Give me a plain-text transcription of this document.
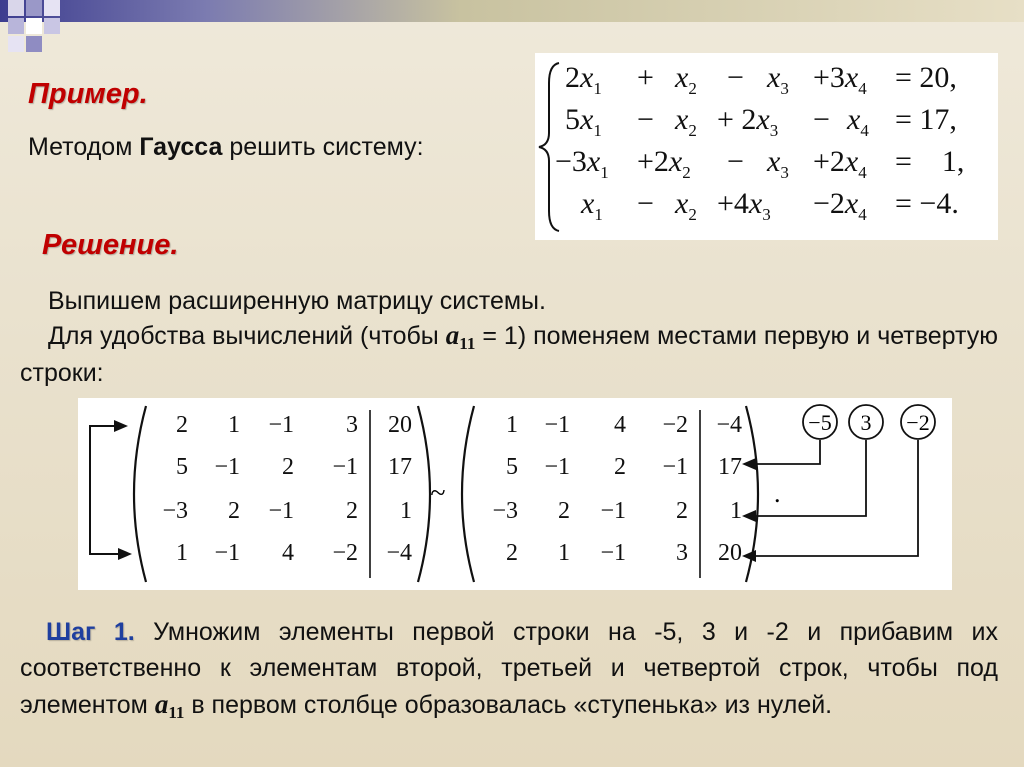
Пример.
Методом Гаусса решить систему:
$2x_1 + x_2 - x_3 +3x_4 = 20$,
$5x_1 - x_2 + 2x_3 - x_4 = 17$,
$-3x_1 +2x_2 - x_3 +2x_4$ =    1,
$x_1 - x_2 +4x_3 -2x_4 = -4$.
Решение.
Выпишем расширенную матрицу системы.
Для удобства вычислений (чтобы a11 = 1) поменяем местами первую и четвертую строки:
−5 3 −2
~	.
2	1	−1	3	20
5	−1	2	−1	17
−3	2	−1	2	1
1	−1	4	−2	−4
1	−1	4	−2	−4
5	−1	2	−1	17
−3	2	−1	2	1
2	1	−1	3	20
Шаг 1. Умножим элементы первой строки на -5, 3 и -2 и прибавим их соответственно к элементам второй, третьей и четвертой строк, чтобы под элементом a11 в первом столбце образовалась «ступенька» из нулей.
